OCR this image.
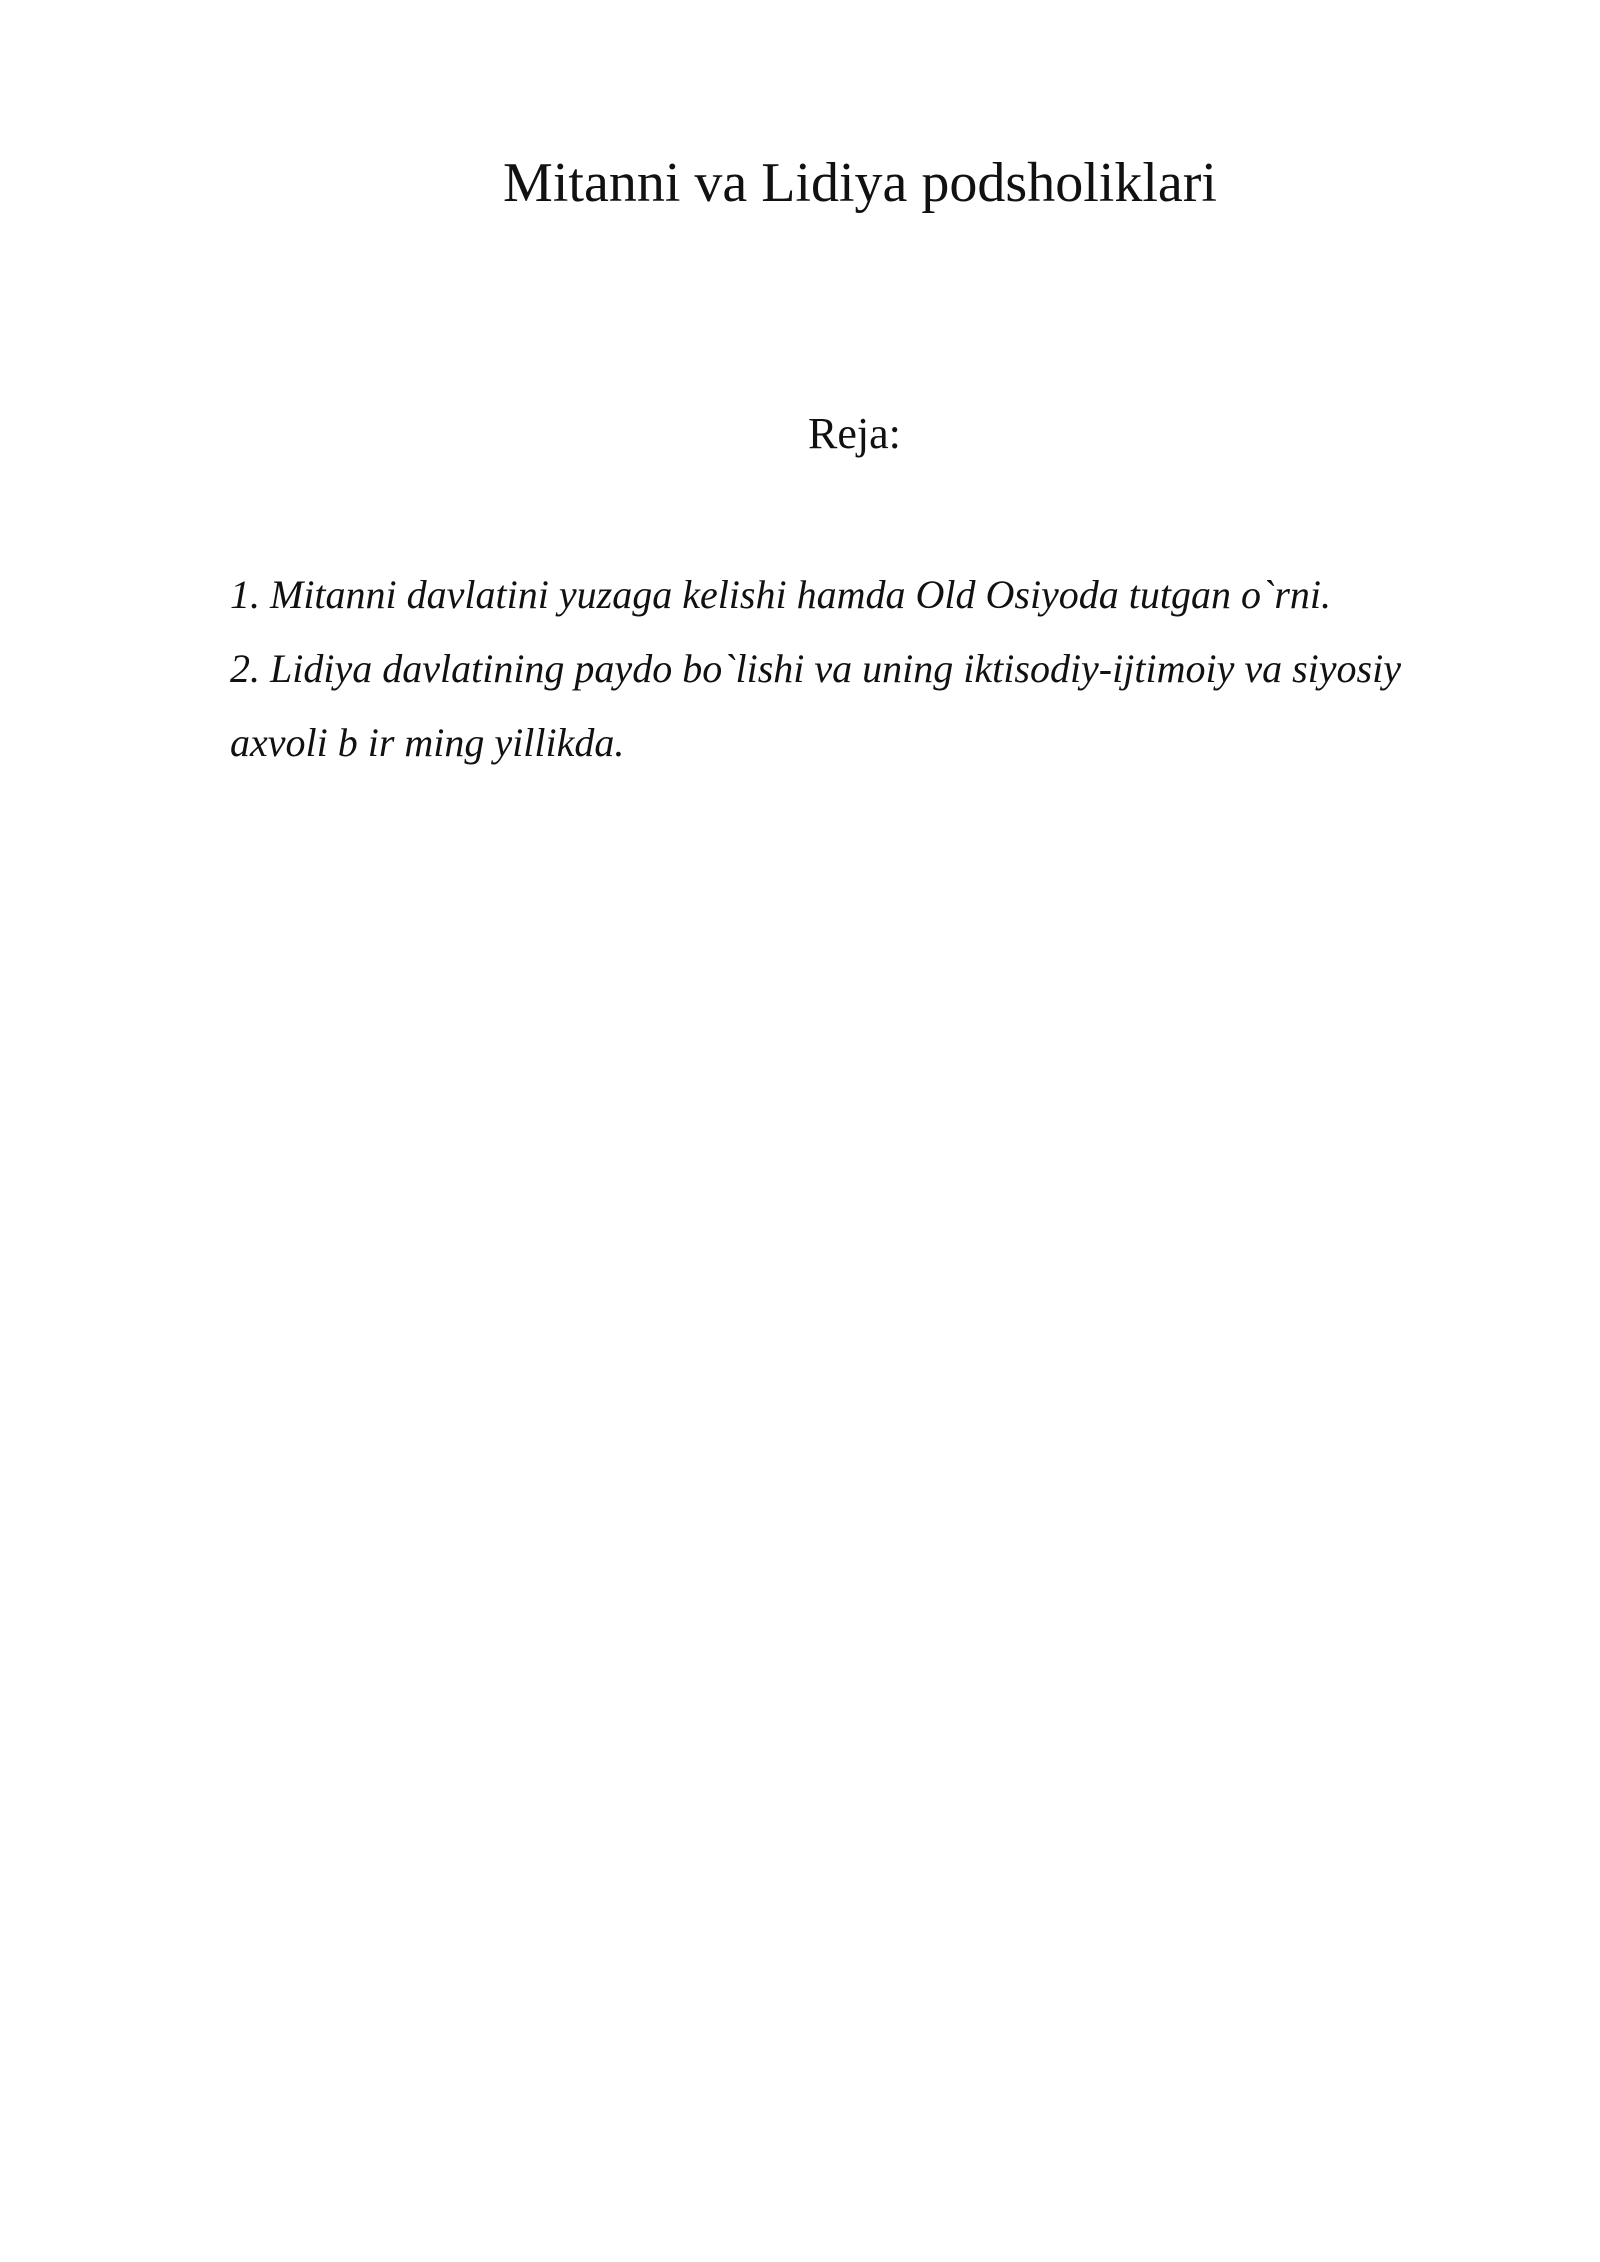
Mitanni va Lidiya podsholiklari
Reja:
1. Mitanni davlatini yuzaga kelishi hamda Old Osiyoda tutgan o`rni.
2. Lidiya davlatining paydo bo`lishi va uning iktisodiy-ijtimoiy va siyosiy axvoli b ir ming yillikda.
